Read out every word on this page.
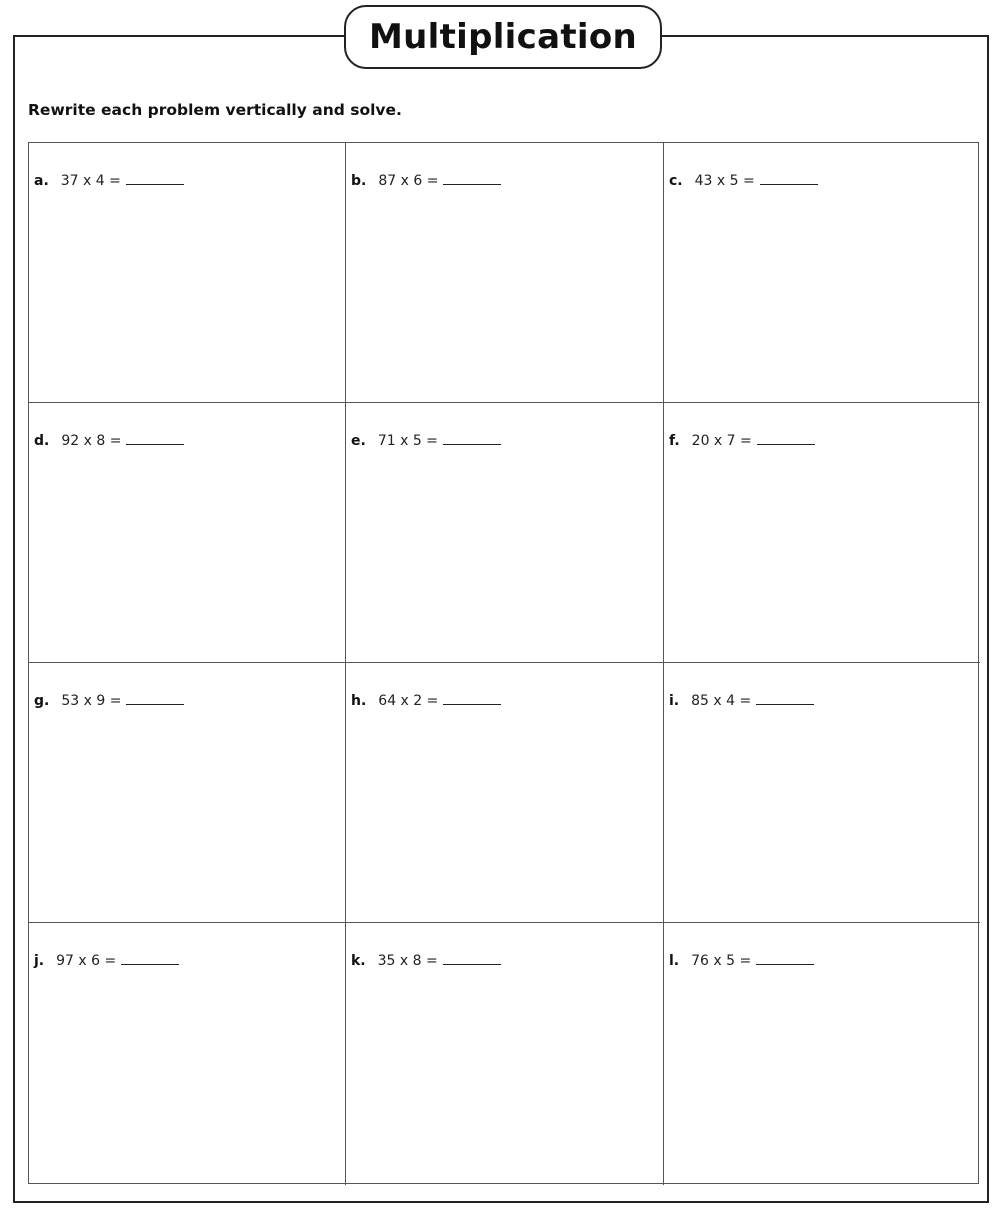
Multiplication
Rewrite each problem vertically and solve.
a. 37 x 4 =	b. 87 x 6 =	c. 43 x 5 =
d. 92 x 8 =	e. 71 x 5 =	f. 20 x 7 =
g. 53 x 9 =	h. 64 x 2 =	i. 85 x 4 =
j. 97 x 6 =	k. 35 x 8 =	l. 76 x 5 =
